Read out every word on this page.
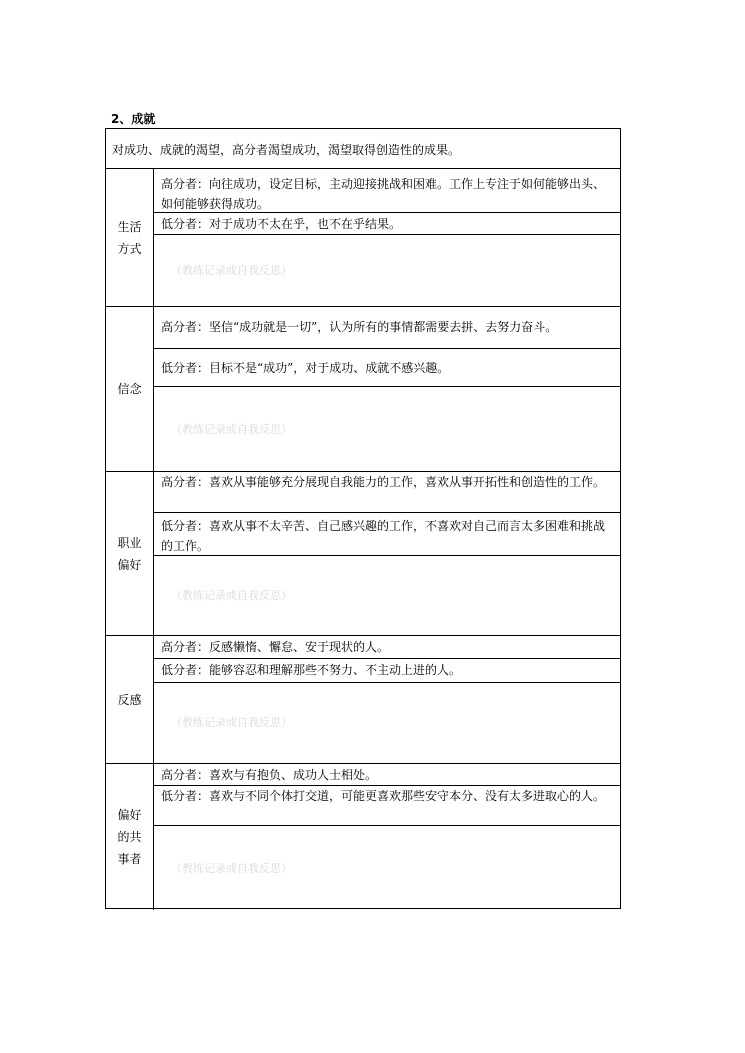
2、成就
对成功、成就的渴望，高分者渴望成功，渴望取得创造性的成果。
生活方式
高分者：向往成功，设定目标，主动迎接挑战和困难。工作上专注于如何能够出头、如何能够获得成功。
低分者：对于成功不太在乎，也不在乎结果。
（教练记录或自我反思）
信念
高分者：坚信“成功就是一切”，认为所有的事情都需要去拼、去努力奋斗。
低分者：目标不是“成功”，对于成功、成就不感兴趣。
（教练记录或自我反思）
职业偏好
高分者：喜欢从事能够充分展现自我能力的工作，喜欢从事开拓性和创造性的工作。
低分者：喜欢从事不太辛苦、自己感兴趣的工作，不喜欢对自己而言太多困难和挑战的工作。
（教练记录或自我反思）
反感
高分者：反感懒惰、懈怠、安于现状的人。
低分者：能够容忍和理解那些不努力、不主动上进的人。
（教练记录或自我反思）
偏好的共事者
高分者：喜欢与有抱负、成功人士相处。
低分者：喜欢与不同个体打交道，可能更喜欢那些安守本分、没有太多进取心的人。
（教练记录或自我反思）
